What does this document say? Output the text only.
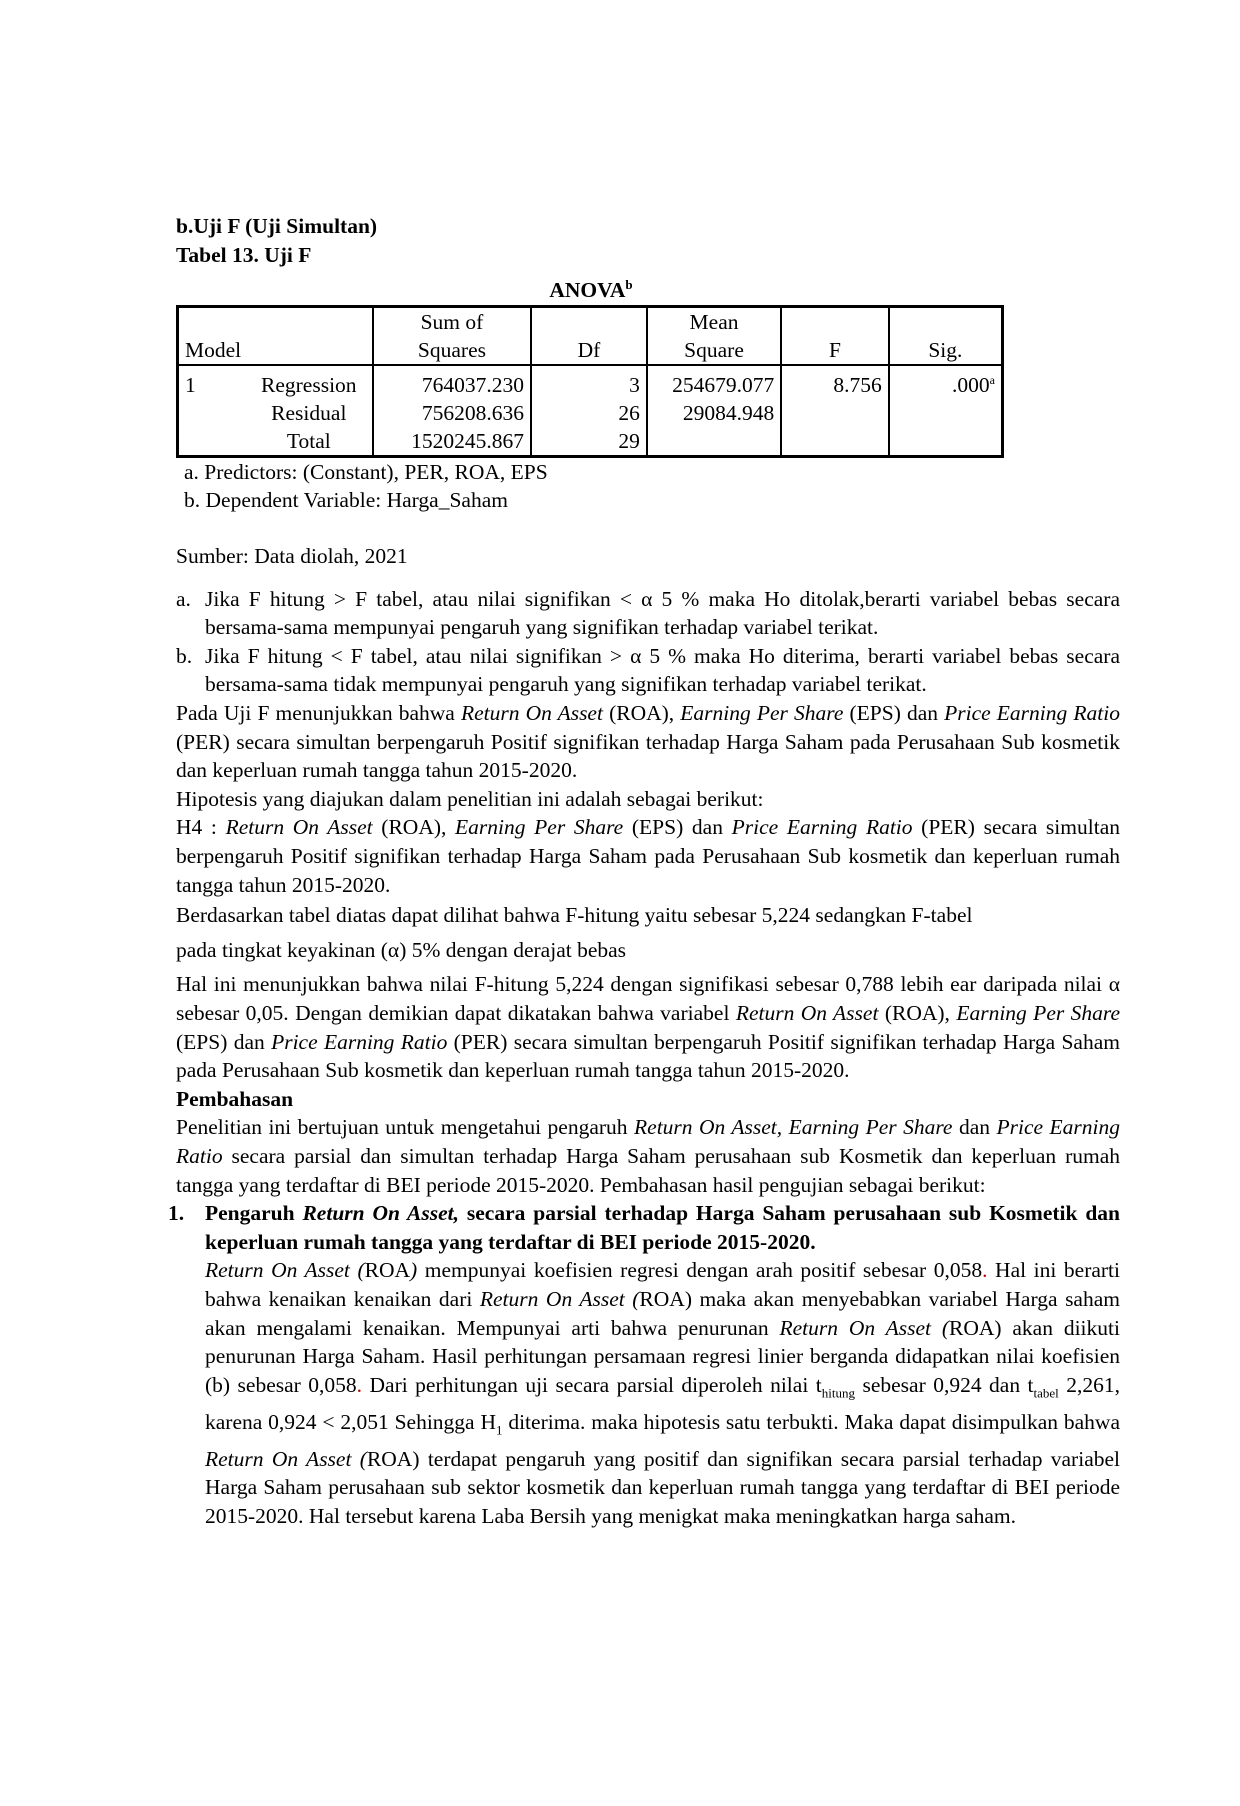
b.Uji F (Uji Simultan)
Tabel 13. Uji F
ANOVA$^b$
		Sum of		Mean		
Model		Squares	Df	Square	F	Sig.
1	Regression	764037.230	3	254679.077	8.756	.000$^a$
	Residual	756208.636	26	29084.948		
	Total	1520245.867	29			
a. Predictors: (Constant), PER, ROA, EPS
b. Dependent Variable: Harga_Saham
Sumber: Data diolah, 2021
a. Jika F hitung > F tabel, atau nilai signifikan < α 5 % maka Ho ditolak,berarti variabel bebas secara bersama-sama mempunyai pengaruh yang signifikan terhadap variabel terikat.
b. Jika F hitung < F tabel, atau nilai signifikan > α 5 % maka Ho diterima, berarti variabel bebas secara bersama-sama tidak mempunyai pengaruh yang signifikan terhadap variabel terikat.
Pada Uji F menunjukkan bahwa Return On Asset (ROA), Earning Per Share (EPS) dan Price Earning Ratio (PER) secara simultan berpengaruh Positif signifikan terhadap Harga Saham pada Perusahaan Sub kosmetik dan keperluan rumah tangga tahun 2015-2020.
Hipotesis yang diajukan dalam penelitian ini adalah sebagai berikut:
H4 : Return On Asset (ROA), Earning Per Share (EPS) dan Price Earning Ratio (PER) secara simultan berpengaruh Positif signifikan terhadap Harga Saham pada Perusahaan Sub kosmetik dan keperluan rumah tangga tahun 2015-2020.
Berdasarkan tabel diatas dapat dilihat bahwa F-hitung yaitu sebesar 5,224 sedangkan F-tabel
pada tingkat keyakinan (α) 5% dengan derajat bebas
Hal ini menunjukkan bahwa nilai F-hitung 5,224 dengan signifikasi sebesar 0,788 lebih ear daripada nilai α sebesar 0,05. Dengan demikian dapat dikatakan bahwa variabel Return On Asset (ROA), Earning Per Share (EPS) dan Price Earning Ratio (PER) secara simultan berpengaruh Positif signifikan terhadap Harga Saham pada Perusahaan Sub kosmetik dan keperluan rumah tangga tahun 2015-2020.
Pembahasan
Penelitian ini bertujuan untuk mengetahui pengaruh Return On Asset, Earning Per Share dan Price Earning Ratio secara parsial dan simultan terhadap Harga Saham perusahaan sub Kosmetik dan keperluan rumah tangga yang terdaftar di BEI periode 2015-2020. Pembahasan hasil pengujian sebagai berikut:
1. Pengaruh Return On Asset, secara parsial terhadap Harga Saham perusahaan sub Kosmetik dan keperluan rumah tangga yang terdaftar di BEI periode 2015-2020.
Return On Asset (ROA) mempunyai koefisien regresi dengan arah positif sebesar 0,058. Hal ini berarti bahwa kenaikan kenaikan dari Return On Asset (ROA) maka akan menyebabkan variabel Harga saham akan mengalami kenaikan. Mempunyai arti bahwa penurunan Return On Asset (ROA) akan diikuti penurunan Harga Saham. Hasil perhitungan persamaan regresi linier berganda didapatkan nilai koefisien (b) sebesar 0,058. Dari perhitungan uji secara parsial diperoleh nilai $t_{hitung}$ sebesar 0,924 dan $t_{tabel}$ 2,261, karena 0,924 < 2,051 Sehingga $H_1$ diterima. maka hipotesis satu terbukti. Maka dapat disimpulkan bahwa Return On Asset (ROA) terdapat pengaruh yang positif dan signifikan secara parsial terhadap variabel Harga Saham perusahaan sub sektor kosmetik dan keperluan rumah tangga yang terdaftar di BEI periode 2015-2020. Hal tersebut karena Laba Bersih yang menigkat maka meningkatkan harga saham.
